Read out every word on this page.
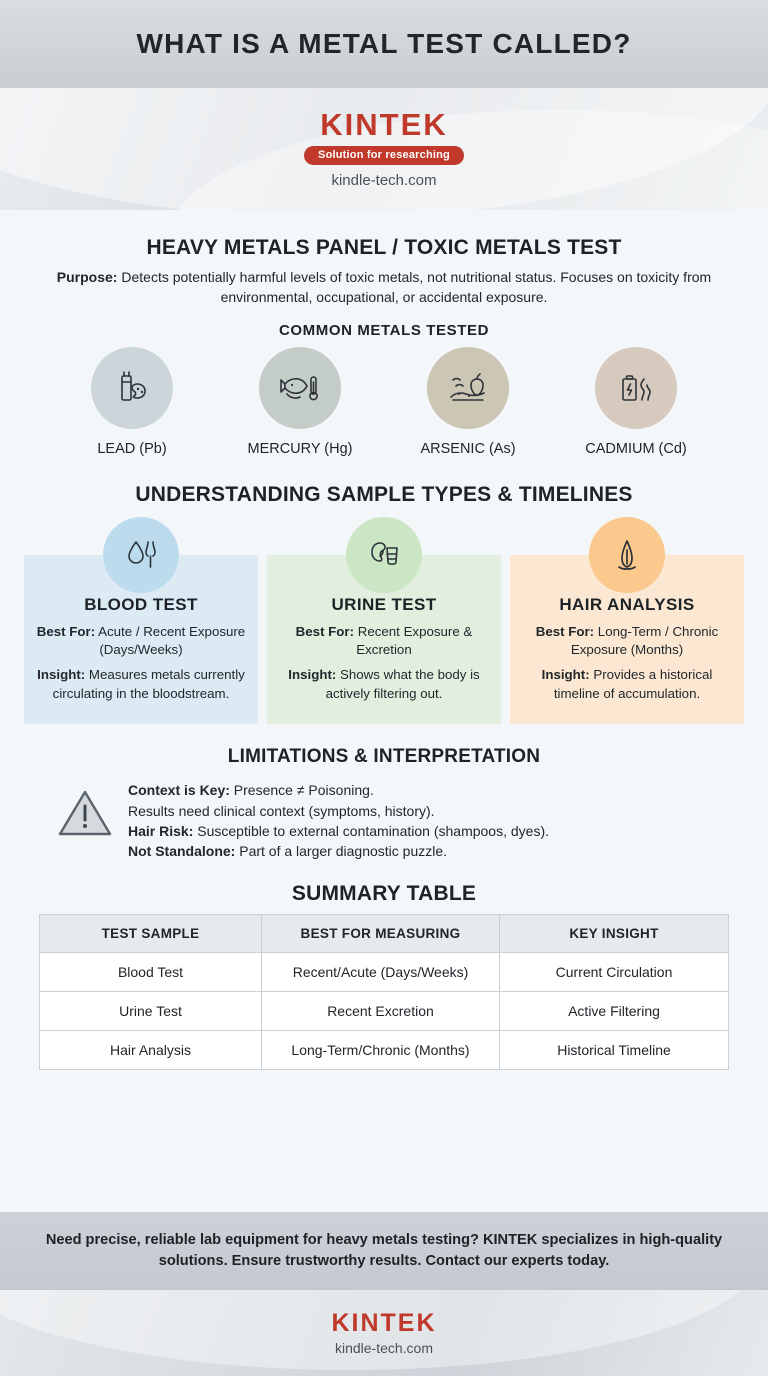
WHAT IS A METAL TEST CALLED?
KINTEK
Solution for researching
kindle-tech.com
HEAVY METALS PANEL / TOXIC METALS TEST
Purpose: Detects potentially harmful levels of toxic metals, not nutritional status. Focuses on toxicity from environmental, occupational, or accidental exposure.
COMMON METALS TESTED
LEAD (Pb)	MERCURY (Hg)	ARSENIC (As)	CADMIUM (Cd)
UNDERSTANDING SAMPLE TYPES & TIMELINES
BLOOD TEST

Best For: Acute / Recent Exposure (Days/Weeks)

Insight: Measures metals currently circulating in the bloodstream.

URINE TEST

Best For: Recent Exposure & Excretion

Insight: Shows what the body is actively filtering out.

HAIR ANALYSIS

Best For: Long-Term / Chronic Exposure (Months)

Insight: Provides a historical timeline of accumulation.

LIMITATIONS & INTERPRETATION
Context is Key: Presence ≠ Poisoning.
Results need clinical context (symptoms, history).
Hair Risk: Susceptible to external contamination (shampoos, dyes).
Not Standalone: Part of a larger diagnostic puzzle.
SUMMARY TABLE
TEST SAMPLE	BEST FOR MEASURING	KEY INSIGHT
Blood Test	Recent/Acute (Days/Weeks)	Current Circulation
Urine Test	Recent Excretion	Active Filtering
Hair Analysis	Long-Term/Chronic (Months)	Historical Timeline

Need precise, reliable lab equipment for heavy metals testing? KINTEK specializes in high-quality solutions. Ensure trustworthy results. Contact our experts today.

KINTEK
kindle-tech.com
